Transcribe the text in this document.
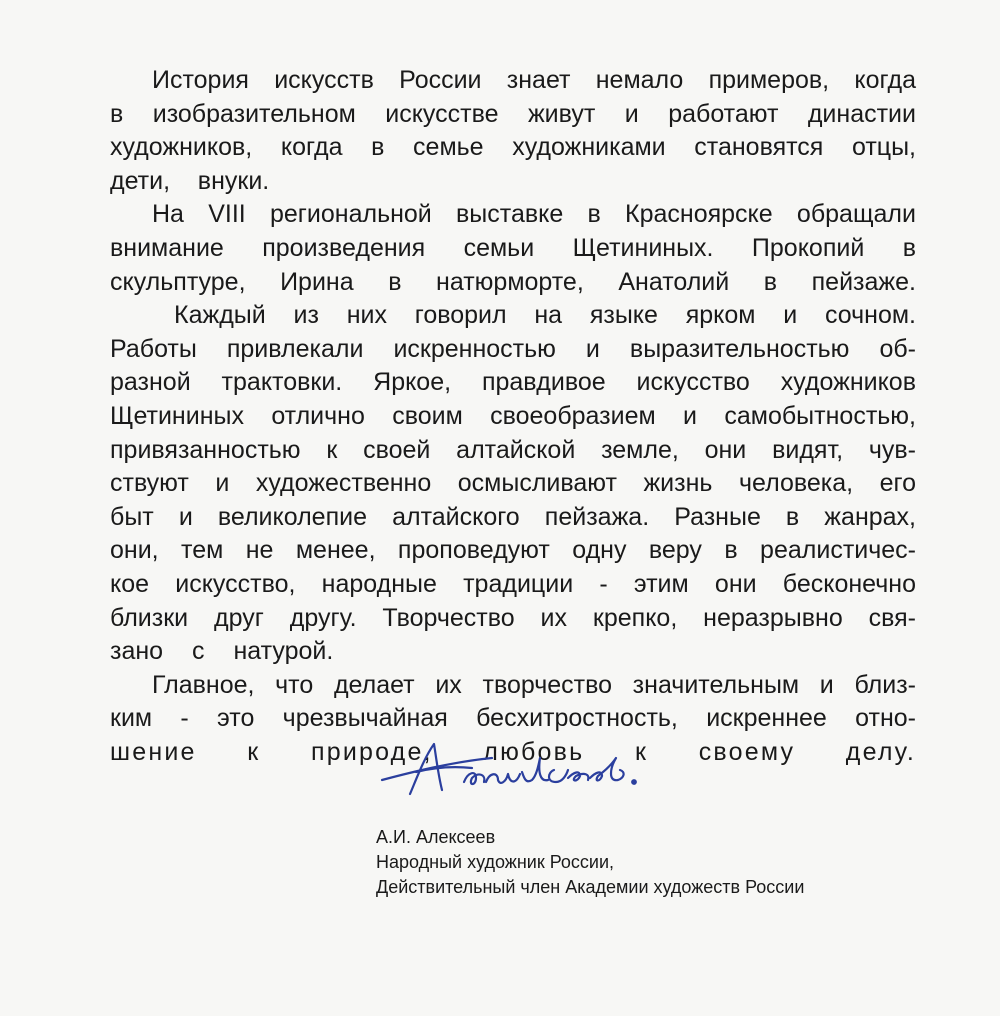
История искусств России знает немало примеров, когда
в изобразительном искусстве живут и работают династии
художников, когда в семье художниками становятся отцы,
дети,    внуки.
На VIII региональной выставке в Красноярске обращали
внимание произведения семьи Щетининых. Прокопий в
скульптуре, Ирина в натюрморте, Анатолий в пейзаже.
Каждый из них говорил на языке ярком и сочном.
Работы привлекали искренностью и выразительностью об-
разной трактовки. Яркое, правдивое искусство художников
Щетининых отлично своим своеобразием и самобытностью,
привязанностью к своей алтайской земле, они видят, чув-
ствуют и художественно осмысливают жизнь человека, его
быт и великолепие алтайского пейзажа. Разные в жанрах,
они, тем не менее, проповедуют одну веру в реалистичес-
кое искусство, народные традиции - этим они бесконечно
близки друг другу. Творчество их крепко, неразрывно свя-
зано с натурой.
Главное, что делает их творчество значительным и близ-
ким - это чрезвычайная бесхитростность, искреннее отно-
шение к природе, любовь к своему делу.
А.И. Алексеев
Народный художник России,
Действительный член Академии художеств России
